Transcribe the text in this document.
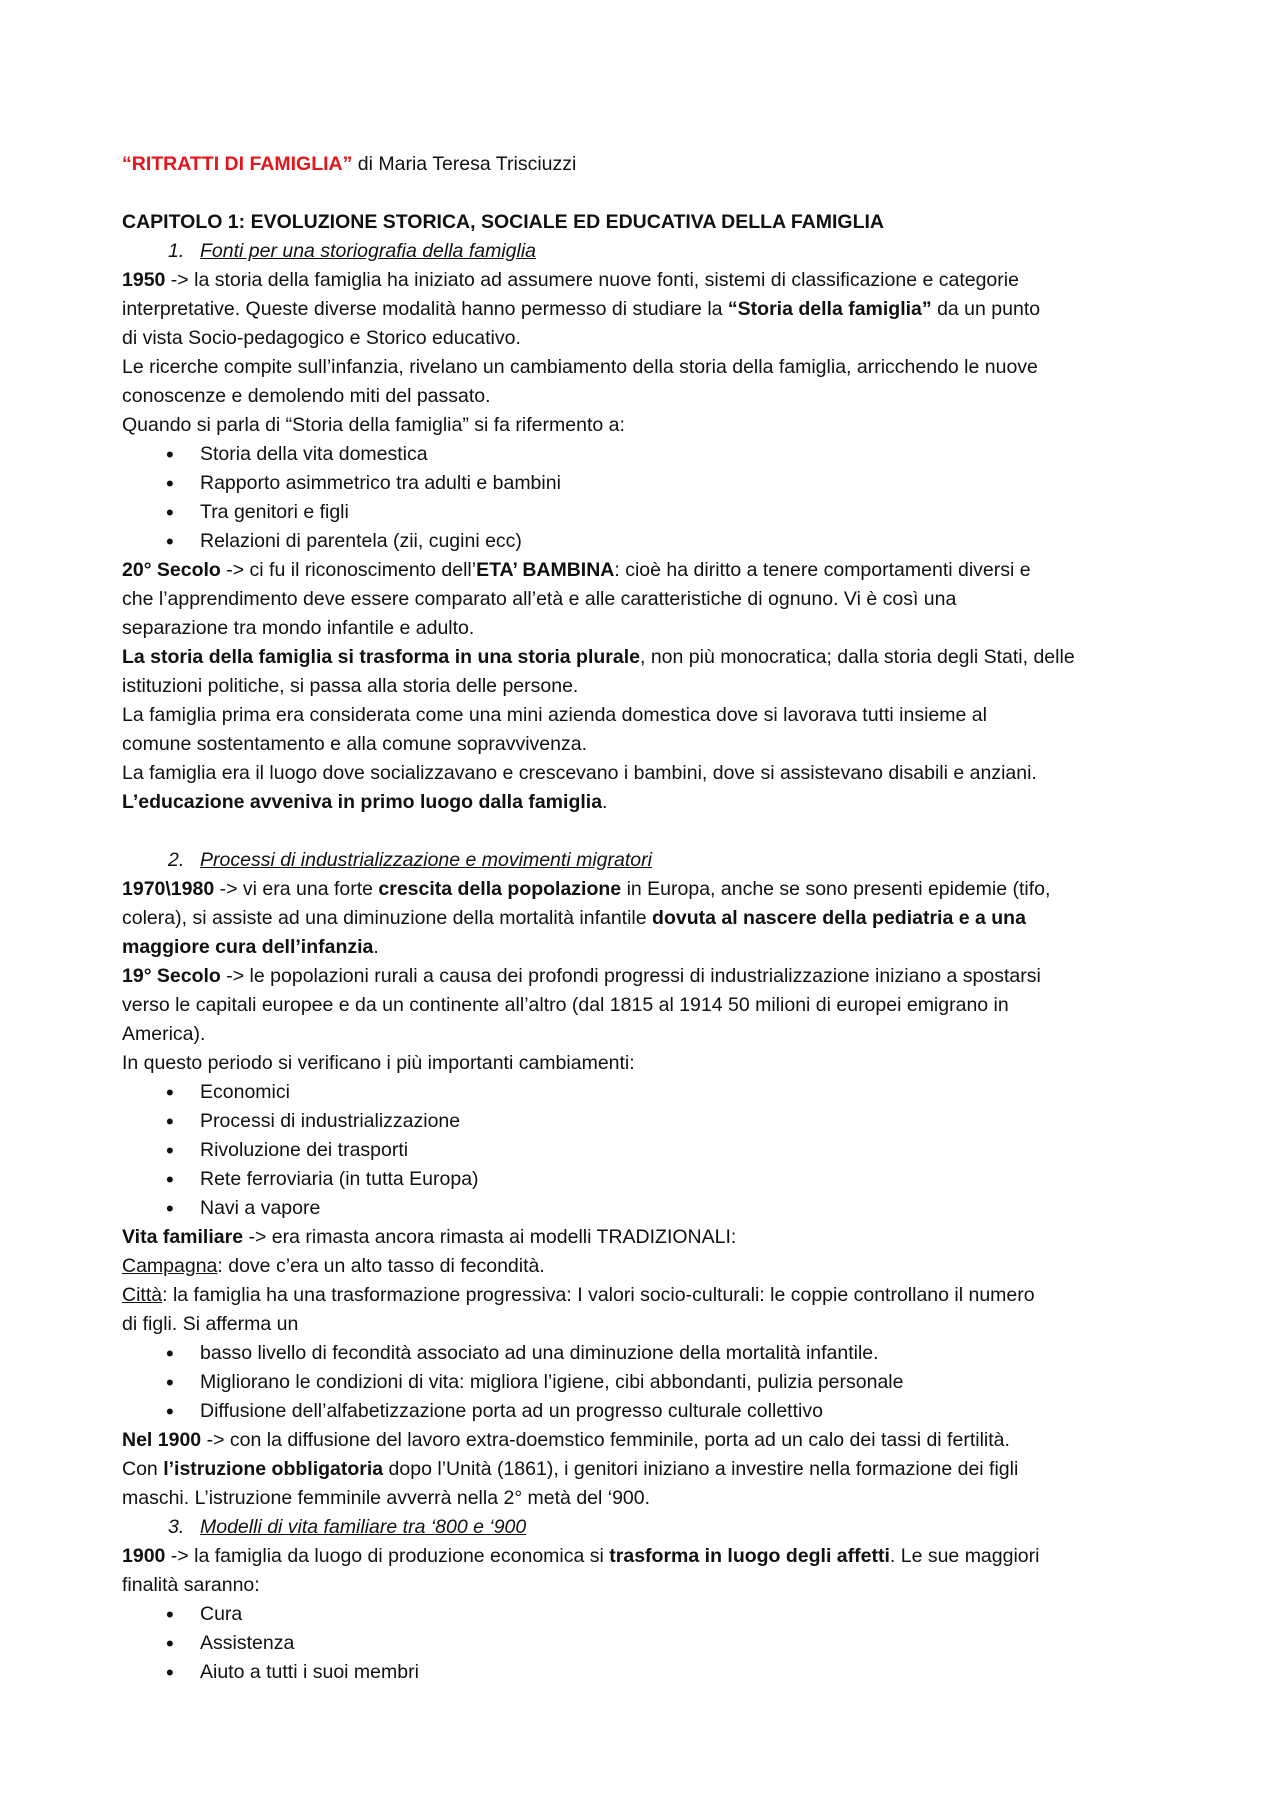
“RITRATTI DI FAMIGLIA” di Maria Teresa Trisciuzzi

CAPITOLO 1: EVOLUZIONE STORICA, SOCIALE ED EDUCATIVA DELLA FAMIGLIA

1. Fonti per una storiografia della famiglia

1950 -> la storia della famiglia ha iniziato ad assumere nuove fonti, sistemi di classificazione e categorie

interpretative. Queste diverse modalità hanno permesso di studiare la “Storia della famiglia” da un punto

di vista Socio-pedagogico e Storico educativo.

Le ricerche compite sull’infanzia, rivelano un cambiamento della storia della famiglia, arricchendo le nuove

conoscenze e demolendo miti del passato.

Quando si parla di “Storia della famiglia” si fa rifermento a:

• Storia della vita domestica
• Rapporto asimmetrico tra adulti e bambini
• Tra genitori e figli
• Relazioni di parentela (zii, cugini ecc)

20° Secolo -> ci fu il riconoscimento dell’ETA’ BAMBINA: cioè ha diritto a tenere comportamenti diversi e

che l’apprendimento deve essere comparato all’età e alle caratteristiche di ognuno. Vi è così una

separazione tra mondo infantile e adulto.

La storia della famiglia si trasforma in una storia plurale, non più monocratica; dalla storia degli Stati, delle

istituzioni politiche, si passa alla storia delle persone.

La famiglia prima era considerata come una mini azienda domestica dove si lavorava tutti insieme al

comune sostentamento e alla comune sopravvivenza.

La famiglia era il luogo dove socializzavano e crescevano i bambini, dove si assistevano disabili e anziani.

L’educazione avveniva in primo luogo dalla famiglia.

2. Processi di industrializzazione e movimenti migratori

1970\1980 -> vi era una forte crescita della popolazione in Europa, anche se sono presenti epidemie (tifo,

colera), si assiste ad una diminuzione della mortalità infantile dovuta al nascere della pediatria e a una

maggiore cura dell’infanzia.

19° Secolo -> le popolazioni rurali a causa dei profondi progressi di industrializzazione iniziano a spostarsi

verso le capitali europee e da un continente all’altro (dal 1815 al 1914 50 milioni di europei emigrano in

America).

In questo periodo si verificano i più importanti cambiamenti:

• Economici
• Processi di industrializzazione
• Rivoluzione dei trasporti
• Rete ferroviaria (in tutta Europa)
• Navi a vapore

Vita familiare -> era rimasta ancora rimasta ai modelli TRADIZIONALI:

Campagna: dove c’era un alto tasso di fecondità.

Città: la famiglia ha una trasformazione progressiva: I valori socio-culturali: le coppie controllano il numero

di figli. Si afferma un

• basso livello di fecondità associato ad una diminuzione della mortalità infantile.
• Migliorano le condizioni di vita: migliora l’igiene, cibi abbondanti, pulizia personale
• Diffusione dell’alfabetizzazione porta ad un progresso culturale collettivo

Nel 1900 -> con la diffusione del lavoro extra-doemstico femminile, porta ad un calo dei tassi di fertilità.

Con l’istruzione obbligatoria dopo l’Unità (1861), i genitori iniziano a investire nella formazione dei figli

maschi. L’istruzione femminile avverrà nella 2° metà del ‘900.

3. Modelli di vita familiare tra ‘800 e ‘900

1900 -> la famiglia da luogo di produzione economica si trasforma in luogo degli affetti. Le sue maggiori

finalità saranno:

• Cura
• Assistenza
• Aiuto a tutti i suoi membri
